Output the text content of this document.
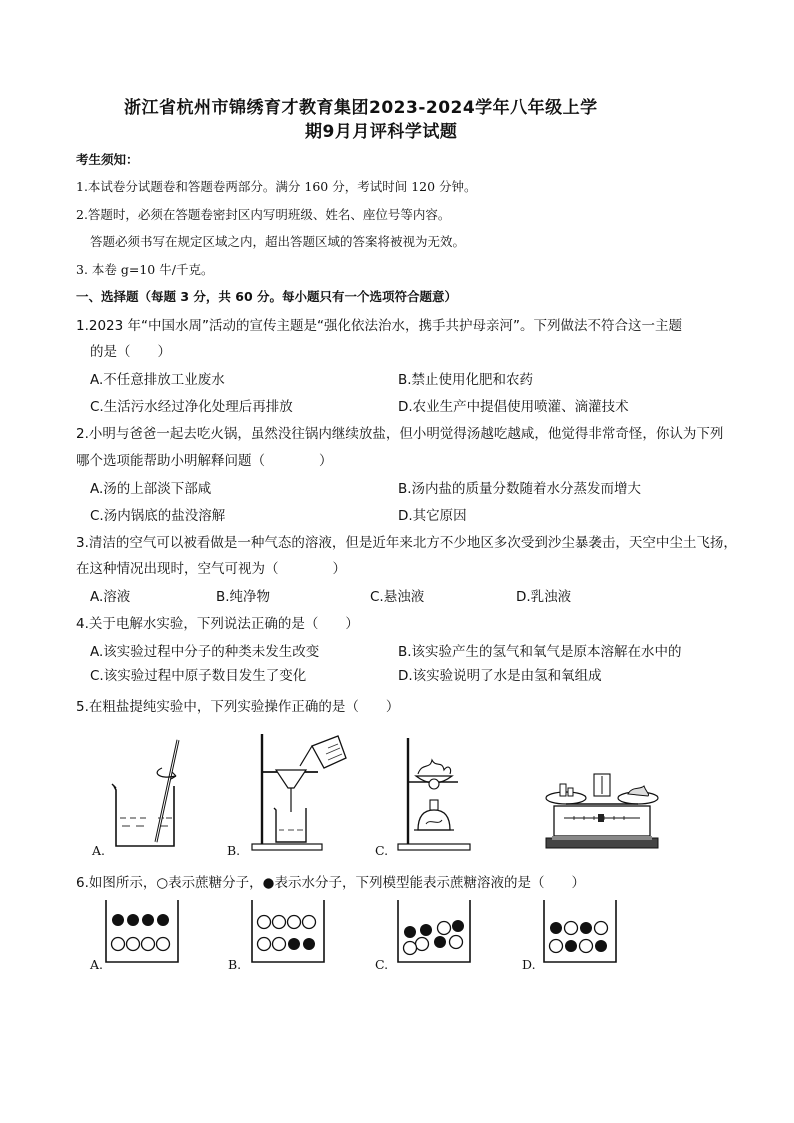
浙江省杭州市锦绣育才教育集团2023-2024学年八年级上学
期9月月评科学试题
考生须知：
1.本试卷分试题卷和答题卷两部分。满分 160 分，考试时间 120 分钟。
2.答题时，必须在答题卷密封区内写明班级、姓名、座位号等内容。
答题必须书写在规定区域之内，超出答题区域的答案将被视为无效。
3. 本卷 g=10 牛/千克。
一、选择题（每题 3 分，共 60 分。每小题只有一个选项符合题意）
1.2023 年“中国水周”活动的宣传主题是“强化依法治水，携手共护母亲河”。下列做法不符合这一主题
的是（　　）
A.不任意排放工业废水	B.禁止使用化肥和农药
C.生活污水经过净化处理后再排放	D.农业生产中提倡使用喷灌、滴灌技术
2.小明与爸爸一起去吃火锅，虽然没往锅内继续放盐，但小明觉得汤越吃越咸，他觉得非常奇怪，你认为下列
哪个选项能帮助小明解释问题（　　　　）
A.汤的上部淡下部咸	B.汤内盐的质量分数随着水分蒸发而增大
C.汤内锅底的盐没溶解	D.其它原因
3.清洁的空气可以被看做是一种气态的溶液，但是近年来北方不少地区多次受到沙尘暴袭击，天空中尘土飞扬，
在这种情况出现时，空气可视为（　　　　）
A.溶液	B.纯净物	C.悬浊液	D.乳浊液
4.关于电解水实验，下列说法正确的是（　　）
A.该实验过程中分子的种类未发生改变	B.该实验产生的氢气和氧气是原本溶解在水中的
C.该实验过程中原子数目发生了变化	D.该实验说明了水是由氢和氧组成
5.在粗盐提纯实验中，下列实验操作正确的是（　　）
A.	B.	C.
6.如图所示，○表示蔗糖分子，●表示水分子，下列模型能表示蔗糖溶液的是（　　）
A.	B.	C.	D.
